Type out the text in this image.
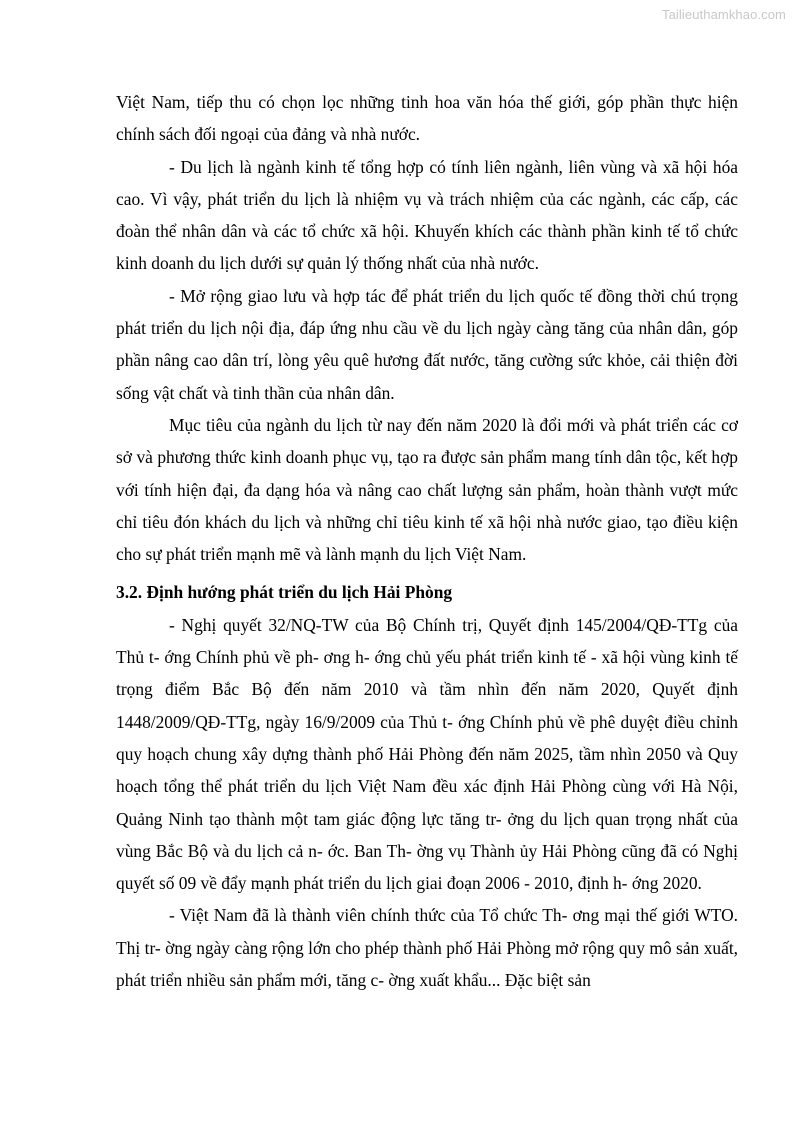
Tailieuthamkhao.com

Việt Nam, tiếp thu có chọn lọc những tinh hoa văn hóa thế giới, góp phần thực hiện chính sách đối ngoại của đảng và nhà nước.

- Du lịch là ngành kinh tế tổng hợp có tính liên ngành, liên vùng và xã hội hóa cao. Vì vậy, phát triển du lịch là nhiệm vụ và trách nhiệm của các ngành, các cấp, các đoàn thể nhân dân và các tổ chức xã hội. Khuyến khích các thành phần kinh tế tổ chức kinh doanh du lịch dưới sự quản lý thống nhất của nhà nước.

- Mở rộng giao lưu và hợp tác để phát triển du lịch quốc tế đồng thời chú trọng phát triển du lịch nội địa, đáp ứng nhu cầu về du lịch ngày càng tăng của nhân dân, góp phần nâng cao dân trí, lòng yêu quê hương đất nước, tăng cường sức khỏe, cải thiện đời sống vật chất và tinh thần của nhân dân.

Mục tiêu của ngành du lịch từ nay đến năm 2020 là đổi mới và phát triển các cơ sở và phương thức kinh doanh phục vụ, tạo ra được sản phẩm mang tính dân tộc, kết hợp với tính hiện đại, đa dạng hóa và nâng cao chất lượng sản phẩm, hoàn thành vượt mức chỉ tiêu đón khách du lịch và những chỉ tiêu kinh tế xã hội nhà nước giao, tạo điều kiện cho sự phát triển mạnh mẽ và lành mạnh du lịch Việt Nam.

3.2. Định hướng phát triển du lịch Hải Phòng

- Nghị quyết 32/NQ-TW của Bộ Chính trị, Quyết định 145/2004/QĐ-TTg của Thủ t- ớng Chính phủ về ph- ơng h- ớng chủ yếu phát triển kinh tế - xã hội vùng kinh tế trọng điểm Bắc Bộ đến năm 2010 và tầm nhìn đến năm 2020, Quyết định 1448/2009/QĐ-TTg, ngày 16/9/2009 của Thủ t- ớng Chính phủ về phê duyệt điều chỉnh quy hoạch chung xây dựng thành phố Hải Phòng đến năm 2025, tầm nhìn 2050 và Quy hoạch tổng thể phát triển du lịch Việt Nam đều xác định Hải Phòng cùng với Hà Nội, Quảng Ninh tạo thành một tam giác động lực tăng tr- ởng du lịch quan trọng nhất của vùng Bắc Bộ và du lịch cả n- ớc. Ban Th- ờng vụ Thành ủy Hải Phòng cũng đã có Nghị quyết số 09 về đẩy mạnh phát triển du lịch giai đoạn 2006 - 2010, định h- ớng 2020.

- Việt Nam đã là thành viên chính thức của Tổ chức Th- ơng mại thế giới WTO. Thị tr- ờng ngày càng rộng lớn cho phép thành phố Hải Phòng mở rộng quy mô sản xuất, phát triển nhiều sản phẩm mới, tăng c- ờng xuất khẩu... Đặc biệt sản
